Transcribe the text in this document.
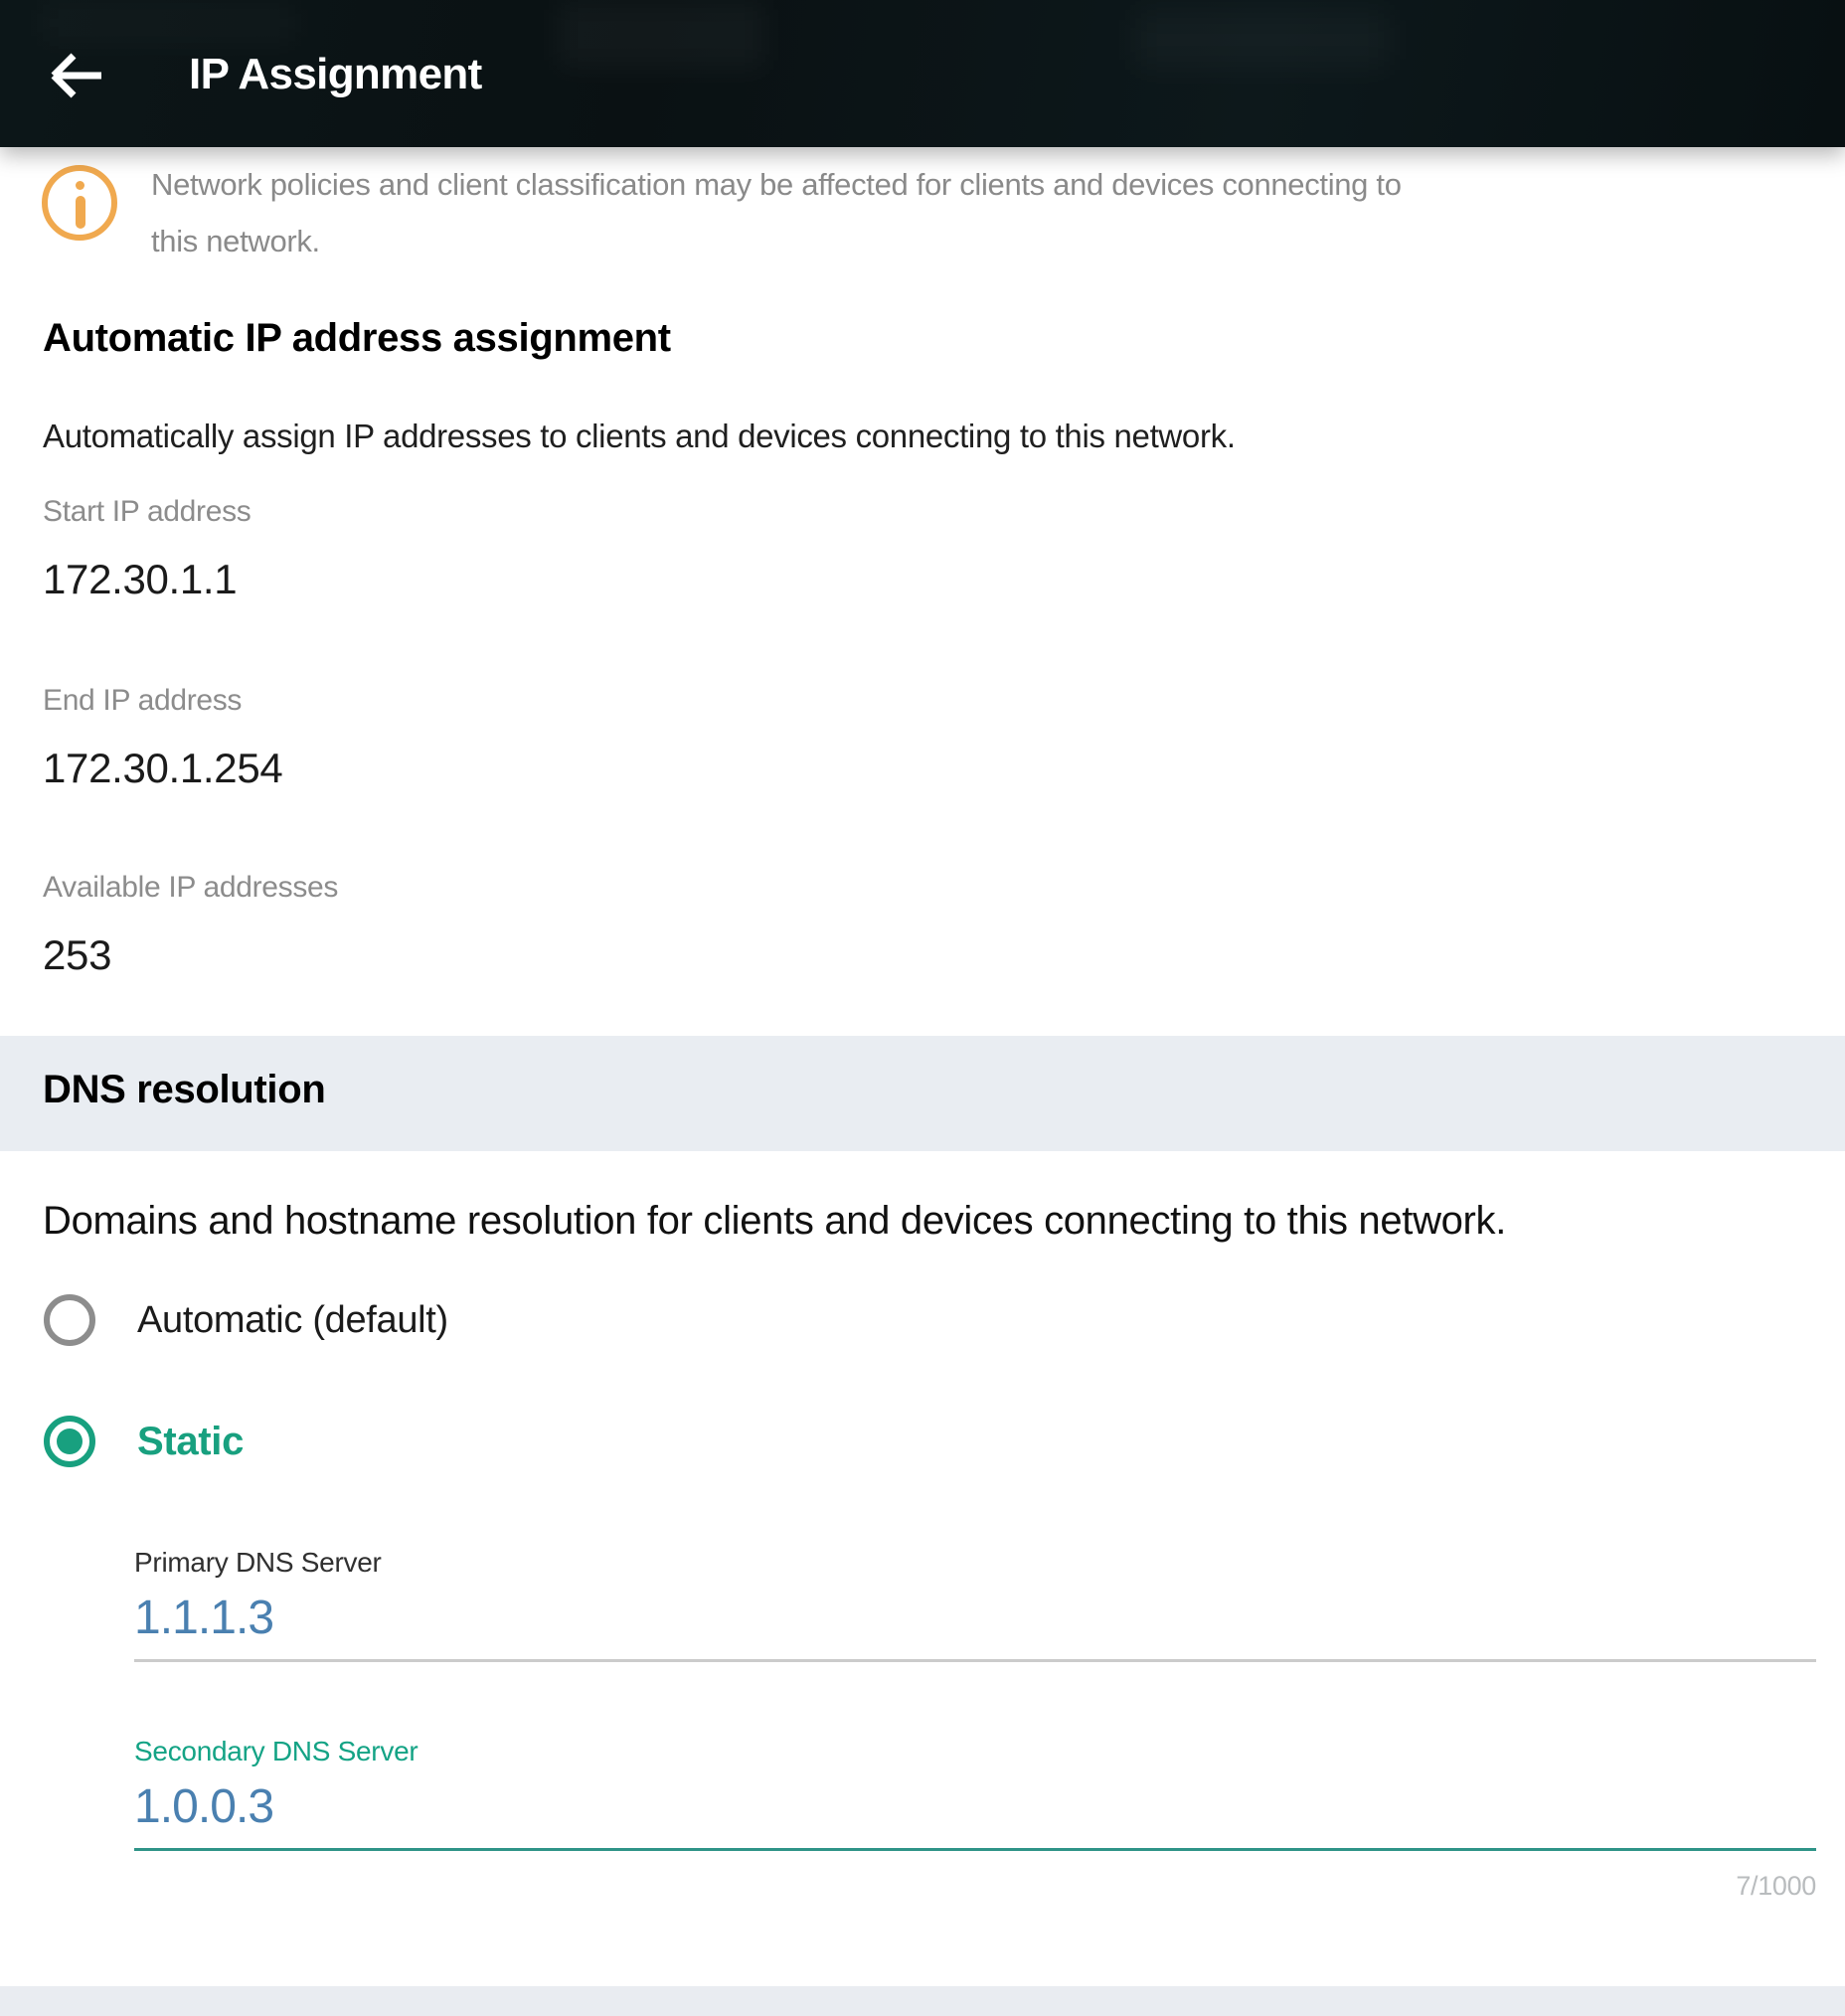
IP Assignment
Network policies and client classification may be affected for clients and devices connecting to this network.
Automatic IP address assignment
Automatically assign IP addresses to clients and devices connecting to this network.
Start IP address
172.30.1.1
End IP address
172.30.1.254
Available IP addresses
253
DNS resolution
Domains and hostname resolution for clients and devices connecting to this network.
Automatic (default)
Static
Primary DNS Server
1.1.1.3
Secondary DNS Server
1.0.0.3
7/1000
